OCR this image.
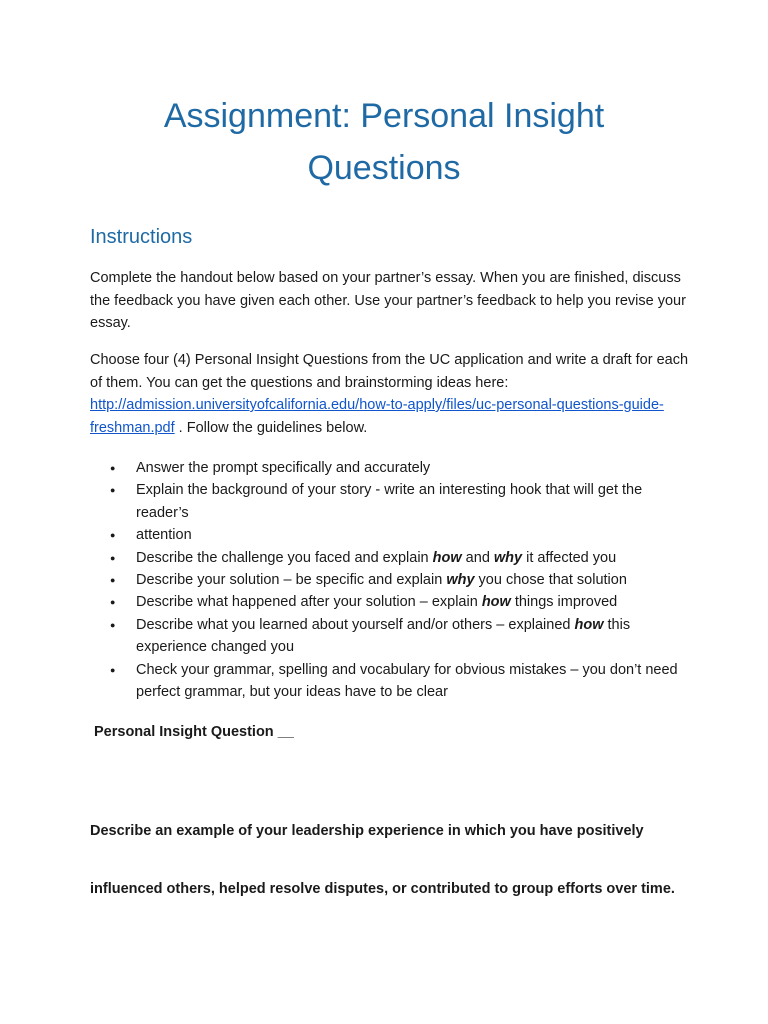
Assignment: Personal Insight
Questions
Instructions

Complete the handout below based on your partner’s essay. When you are finished, discuss the feedback you have given each other. Use your partner’s feedback to help you revise your essay.

Choose four (4) Personal Insight Questions from the UC application and write a draft for each of them. You can get the questions and brainstorming ideas here: http://admission.universityofcalifornia.edu/how-to-apply/files/uc-personal-questions-guide-freshman.pdf . Follow the guidelines below.

● Answer the prompt specifically and accurately
● Explain the background of your story - write an interesting hook that will get the reader’s
● attention
● Describe the challenge you faced and explain how and why it affected you
● Describe your solution – be specific and explain why you chose that solution
● Describe what happened after your solution – explain how things improved
● Describe what you learned about yourself and/or others – explained how this experience changed you
● Check your grammar, spelling and vocabulary for obvious mistakes – you don’t need perfect grammar, but your ideas have to be clear

Personal Insight Question __

Describe an example of your leadership experience in which you have positively

influenced others, helped resolve disputes, or contributed to group efforts over time.
